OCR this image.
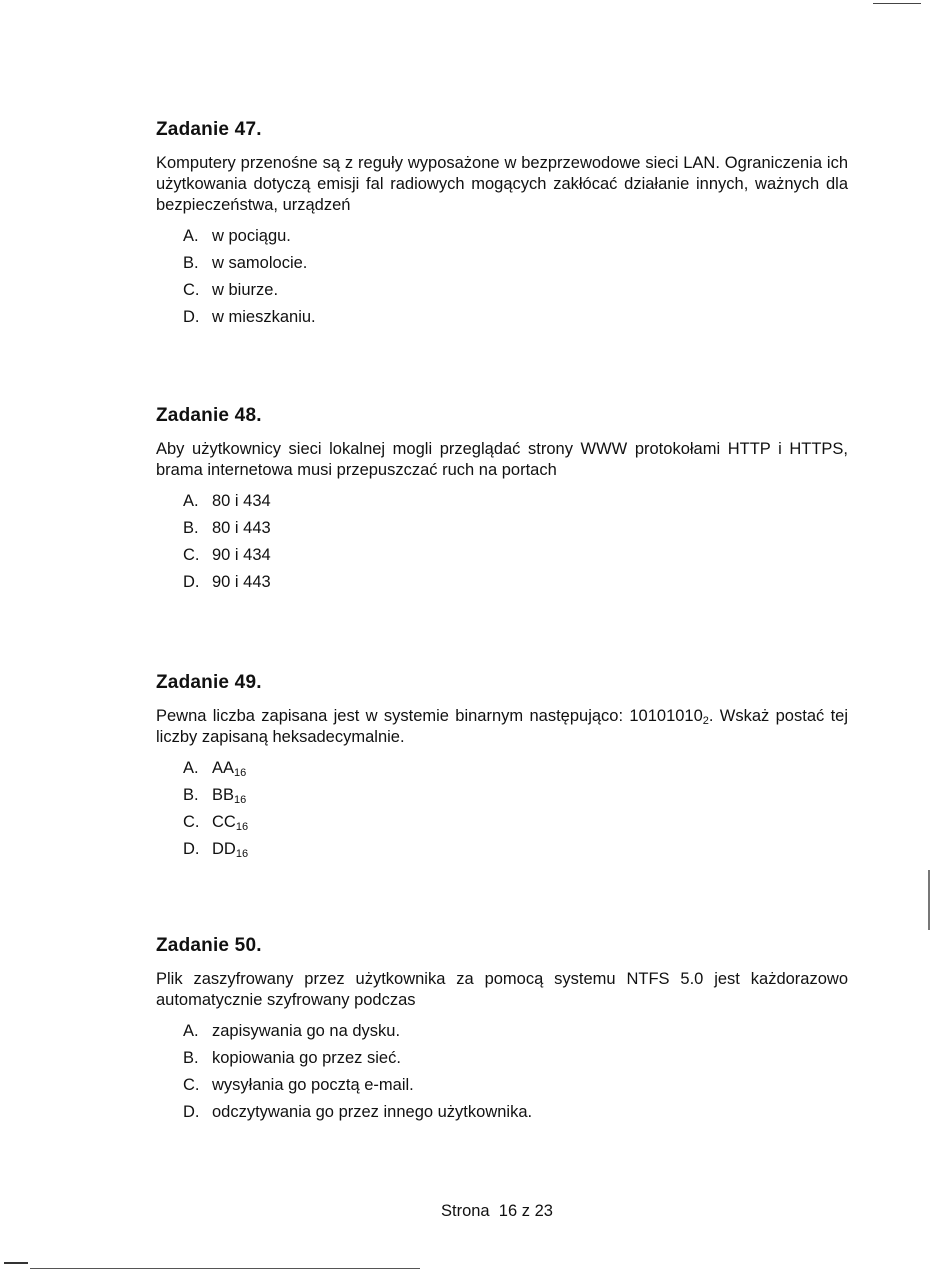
Zadanie 47.

Komputery przenośne są z reguły wyposażone w bezprzewodowe sieci LAN. Ograniczenia ich użytkowania dotyczą emisji fal radiowych mogących zakłócać działanie innych, ważnych dla bezpieczeństwa, urządzeń

A. w pociągu.
B. w samolocie.
C. w biurze.
D. w mieszkaniu.
Zadanie 48.

Aby użytkownicy sieci lokalnej mogli przeglądać strony WWW protokołami HTTP i HTTPS, brama internetowa musi przepuszczać ruch na portach

A. 80 i 434
B. 80 i 443
C. 90 i 434
D. 90 i 443
Zadanie 49.

Pewna liczba zapisana jest w systemie binarnym następująco: $10101010_2$. Wskaż postać tej liczby zapisaną heksadecymalnie.

A. $AA_{16}$
B. $BB_{16}$
C. $CC_{16}$
D. $DD_{16}$
Zadanie 50.

Plik zaszyfrowany przez użytkownika za pomocą systemu NTFS 5.0 jest każdorazowo automatycznie szyfrowany podczas

A. zapisywania go na dysku.
B. kopiowania go przez sieć.
C. wysyłania go pocztą e-mail.
D. odczytywania go przez innego użytkownika.
Strona 16 z 23
